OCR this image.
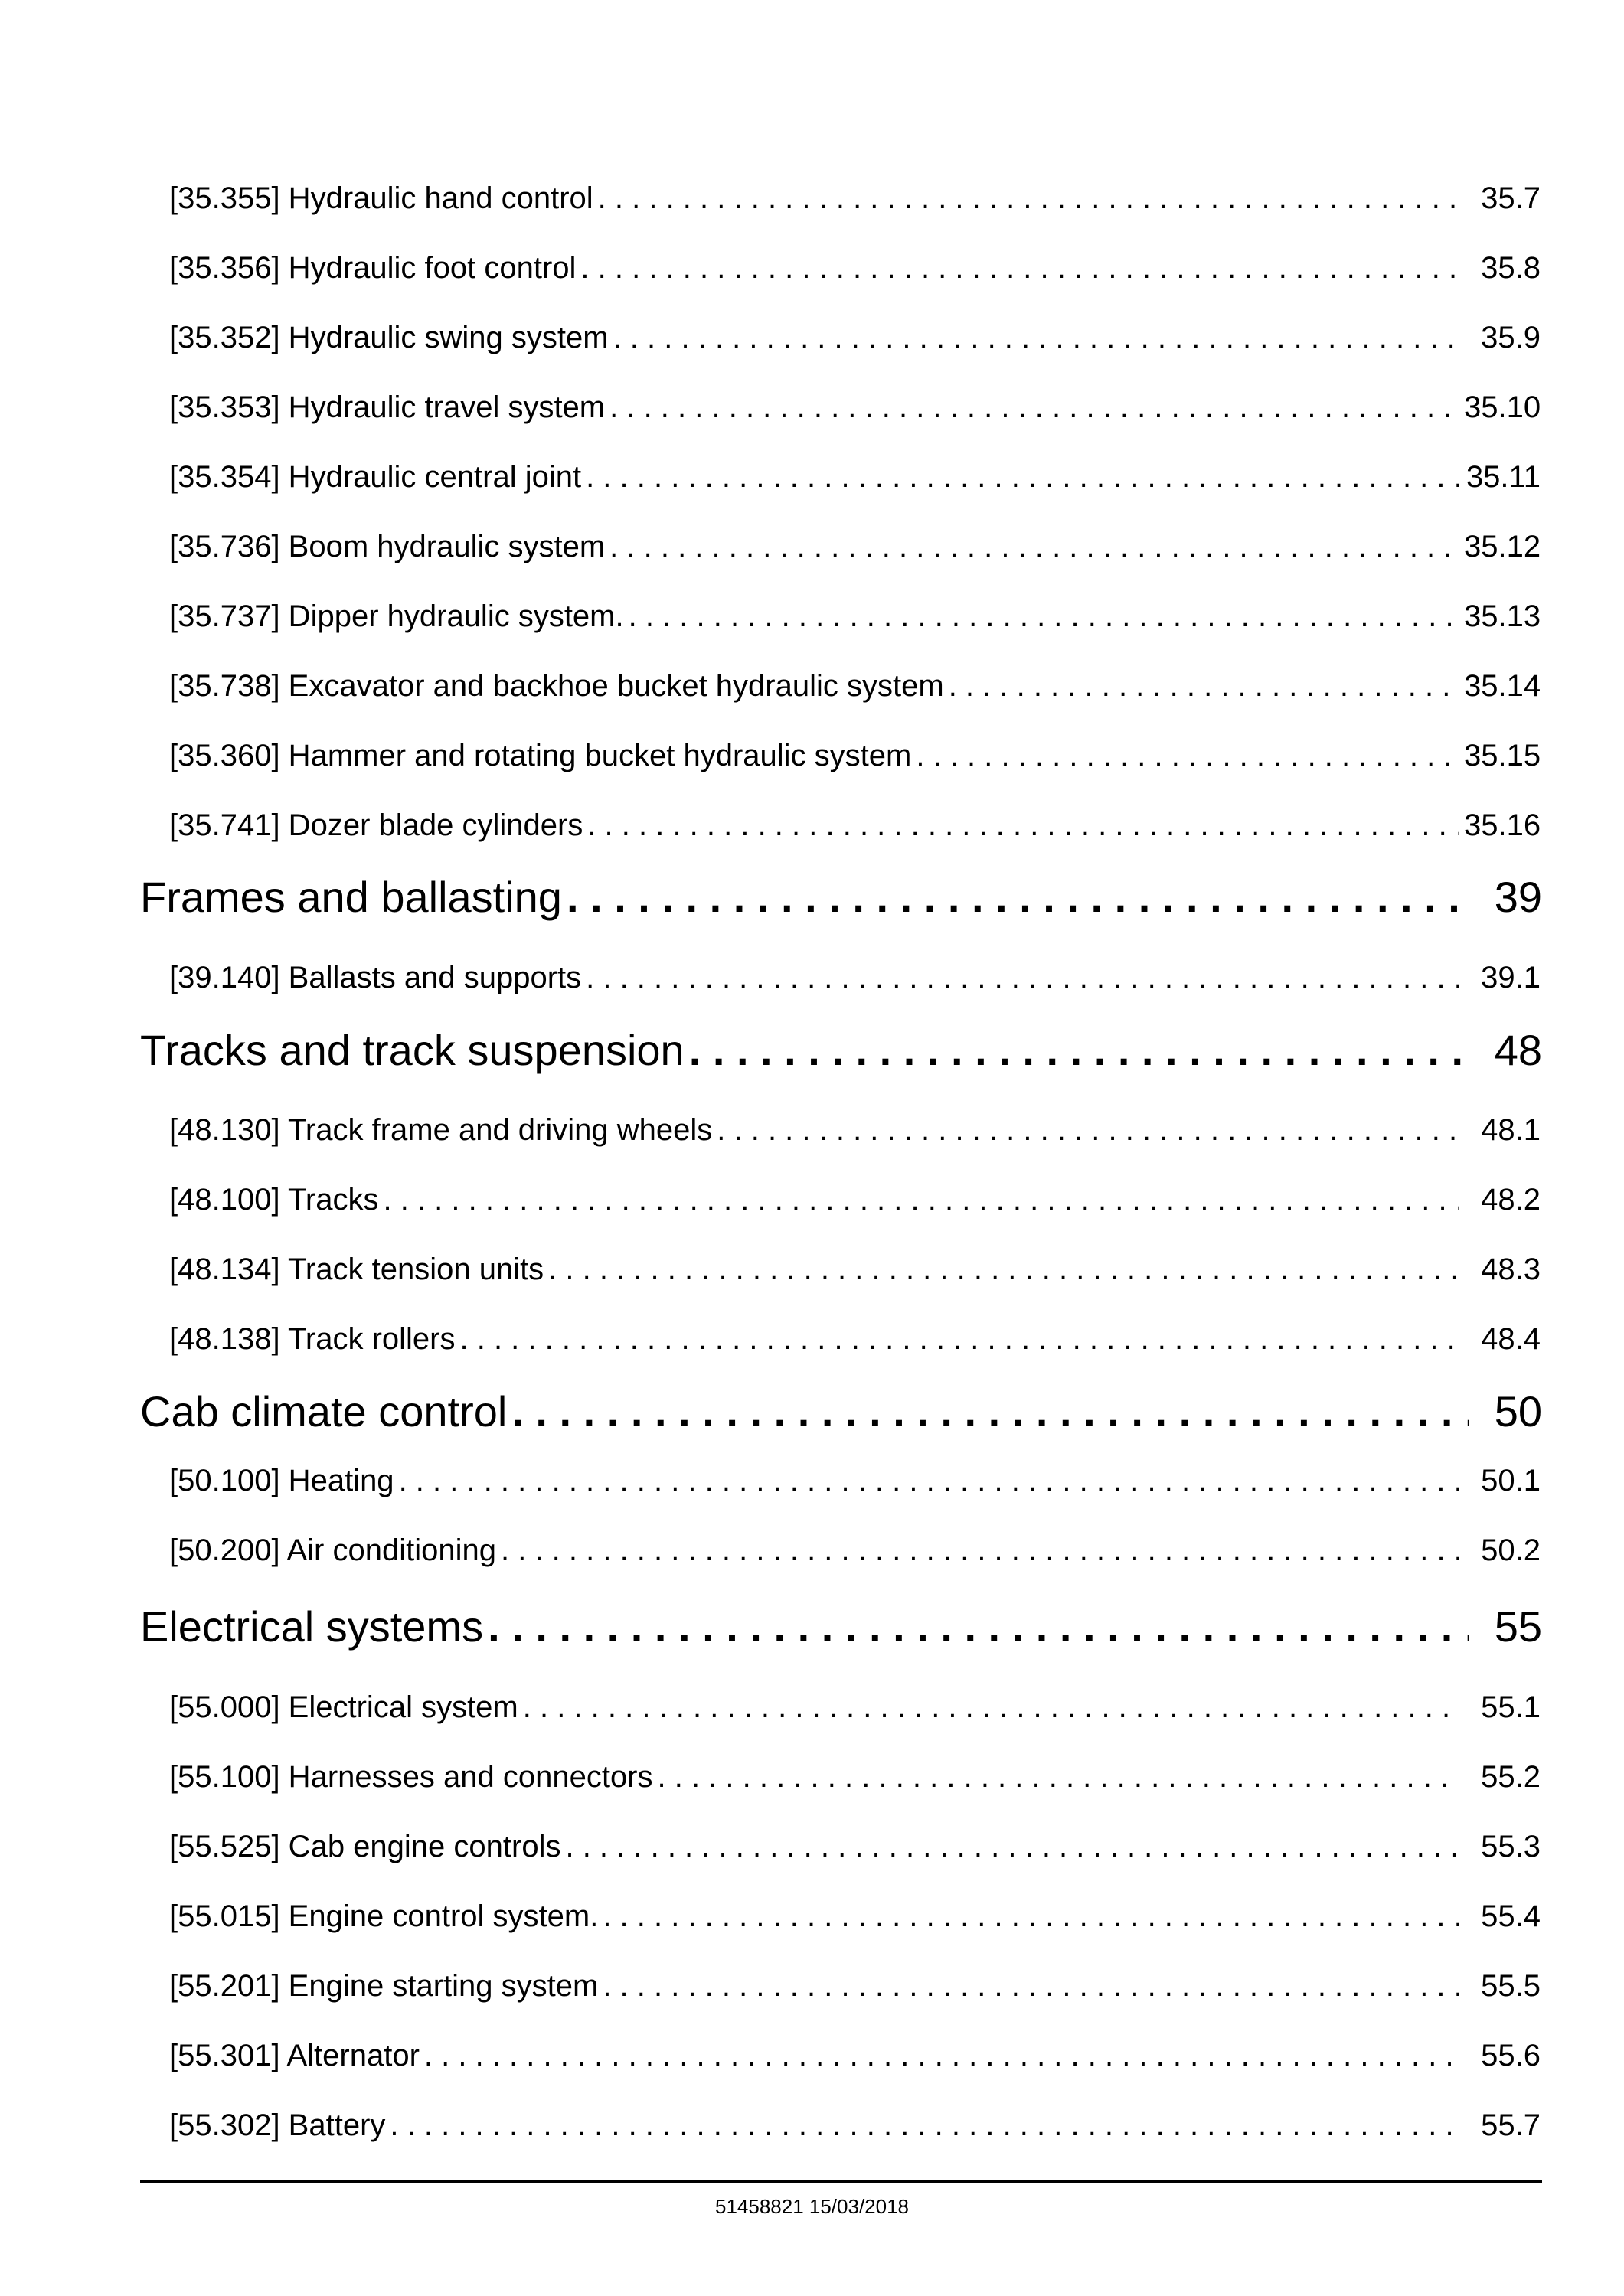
[35.355] Hydraulic hand control . . .	35.7
[35.356] Hydraulic foot control . . .	35.8
[35.352] Hydraulic swing system . . .	35.9
[35.353] Hydraulic travel system . . .	35.10
[35.354] Hydraulic central joint . . .	35.11
[35.736] Boom hydraulic system . . .	35.12
[35.737] Dipper hydraulic system. . . .	35.13
[35.738] Excavator and backhoe bucket hydraulic system . . .	35.14
[35.360] Hammer and rotating bucket hydraulic system . . .	35.15
[35.741] Dozer blade cylinders . . .	35.16
Frames and ballasting . . .	39
[39.140] Ballasts and supports . . .	39.1
Tracks and track suspension . . .	48
[48.130] Track frame and driving wheels . . .	48.1
[48.100] Tracks . . .	48.2
[48.134] Track tension units . . .	48.3
[48.138] Track rollers . . .	48.4
Cab climate control . . .	50
[50.100] Heating . . .	50.1
[50.200] Air conditioning . . .	50.2
Electrical systems . . .	55
[55.000] Electrical system . . .	55.1
[55.100] Harnesses and connectors . . .	55.2
[55.525] Cab engine controls . . .	55.3
[55.015] Engine control system. . . .	55.4
[55.201] Engine starting system . . .	55.5
[55.301] Alternator . . .	55.6
[55.302] Battery . . .	55.7
51458821 15/03/2018
